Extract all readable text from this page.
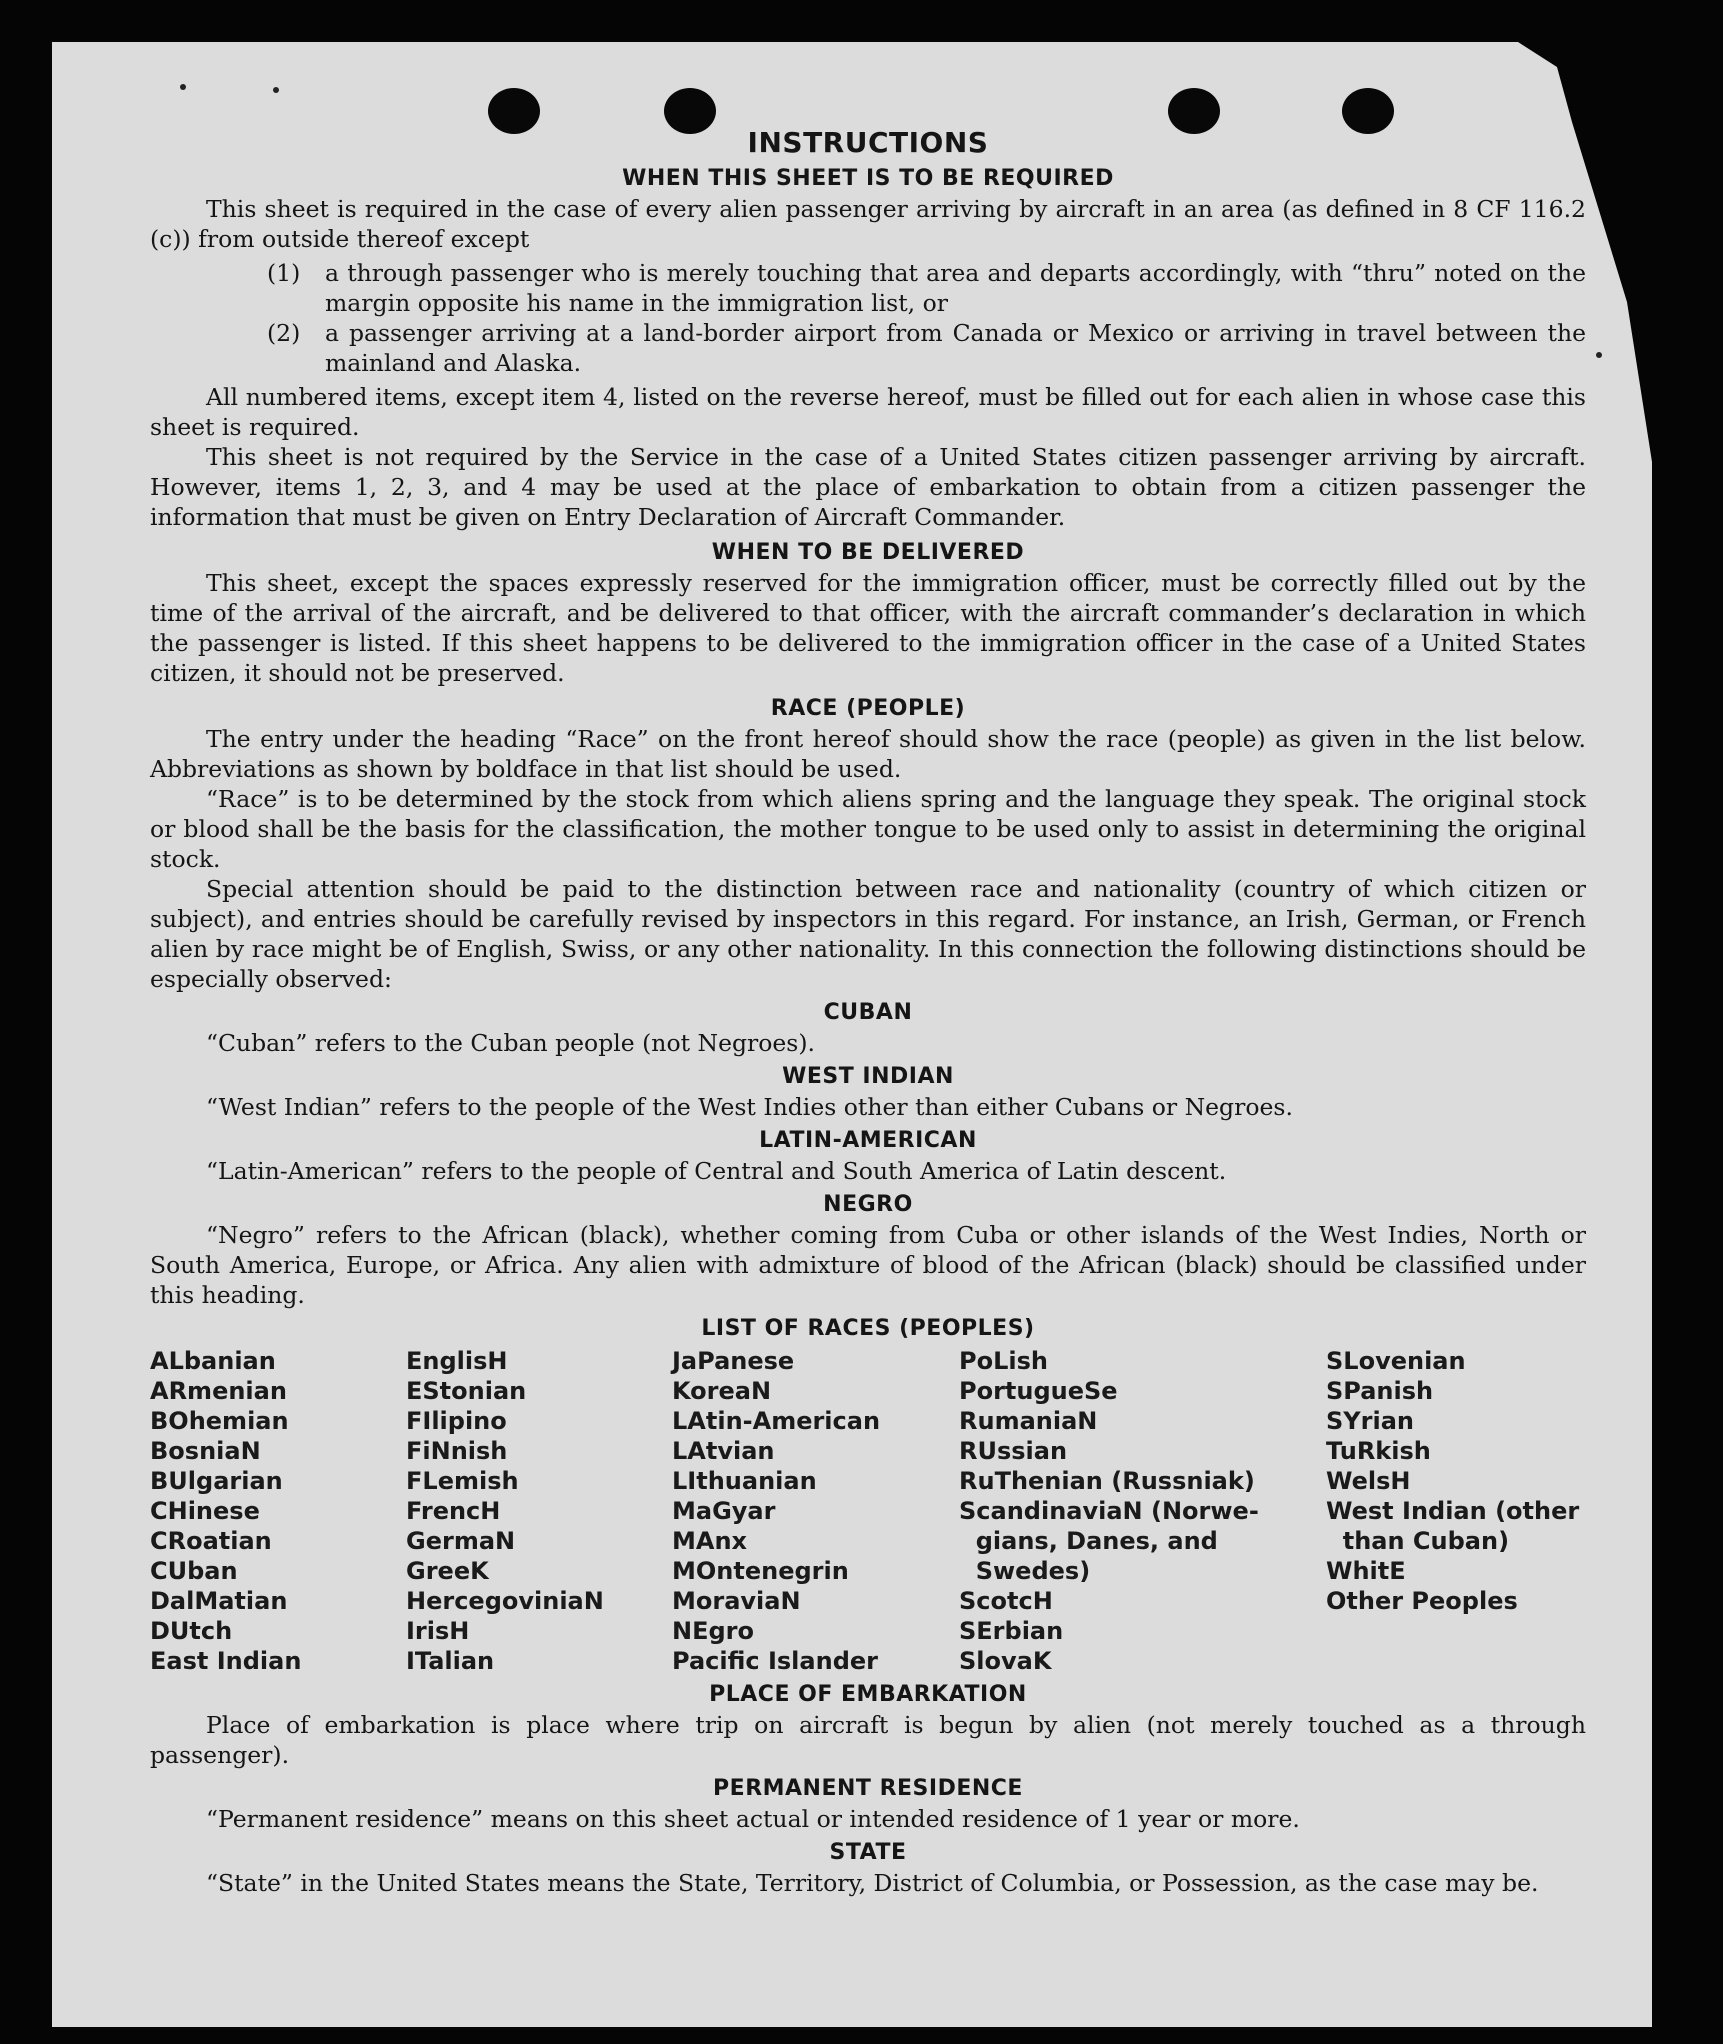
INSTRUCTIONS
WHEN THIS SHEET IS TO BE REQUIRED

This sheet is required in the case of every alien passenger arriving by aircraft in an area (as defined in 8 CF 116.2 (c)) from outside thereof except

(1)	a through passenger who is merely touching that area and departs accordingly, with “thru” noted on the margin opposite his name in the immigration list, or
(2)	a passenger arriving at a land-border airport from Canada or Mexico or arriving in travel between the mainland and Alaska.

All numbered items, except item 4, listed on the reverse hereof, must be filled out for each alien in whose case this sheet is required.

This sheet is not required by the Service in the case of a United States citizen passenger arriving by aircraft. However, items 1, 2, 3, and 4 may be used at the place of embarkation to obtain from a citizen passenger the information that must be given on Entry Declaration of Aircraft Commander.

WHEN TO BE DELIVERED

This sheet, except the spaces expressly reserved for the immigration officer, must be correctly filled out by the time of the arrival of the aircraft, and be delivered to that officer, with the aircraft commander’s declaration in which the passenger is listed. If this sheet happens to be delivered to the immigration officer in the case of a United States citizen, it should not be preserved.

RACE (PEOPLE)

The entry under the heading “Race” on the front hereof should show the race (people) as given in the list below. Abbreviations as shown by boldface in that list should be used.

“Race” is to be determined by the stock from which aliens spring and the language they speak. The original stock or blood shall be the basis for the classification, the mother tongue to be used only to assist in determining the original stock.

Special attention should be paid to the distinction between race and nationality (country of which citizen or subject), and entries should be carefully revised by inspectors in this regard. For instance, an Irish, German, or French alien by race might be of English, Swiss, or any other nationality. In this connection the following distinctions should be especially observed:

CUBAN

“Cuban” refers to the Cuban people (not Negroes).

WEST INDIAN

“West Indian” refers to the people of the West Indies other than either Cubans or Negroes.

LATIN-AMERICAN

“Latin-American” refers to the people of Central and South America of Latin descent.

NEGRO

“Negro” refers to the African (black), whether coming from Cuba or other islands of the West Indies, North or South America, Europe, or Africa. Any alien with admixture of blood of the African (black) should be classified under this heading.

LIST OF RACES (PEOPLES)
ALbanian
ARmenian
BOhemian
BosniaN
BUlgarian
CHinese
CRoatian
CUban
DalMatian
DUtch
East Indian
EnglisH
EStonian
FIlipino
FiNnish
FLemish
FrencH
GermaN
GreeK
HercegoviniaN
IrisH
ITalian
JaPanese
KoreaN
LAtin-American
LAtvian
LIthuanian
MaGyar
MAnx
MOntenegrin
MoraviaN
NEgro
Pacific Islander
PoLish
PortugueSe
RumaniaN
RUssian
RuThenian (Russniak)
ScandinaviaN (Norwe-
gians, Danes, and
Swedes)
ScotcH
SErbian
SlovaK
SLovenian
SPanish
SYrian
TuRkish
WelsH
West Indian (other
than Cuban)
WhitE
Other Peoples
PLACE OF EMBARKATION

Place of embarkation is place where trip on aircraft is begun by alien (not merely touched as a through passenger).

PERMANENT RESIDENCE

“Permanent residence” means on this sheet actual or intended residence of 1 year or more.

STATE

“State” in the United States means the State, Territory, District of Columbia, or Possession, as the case may be.
